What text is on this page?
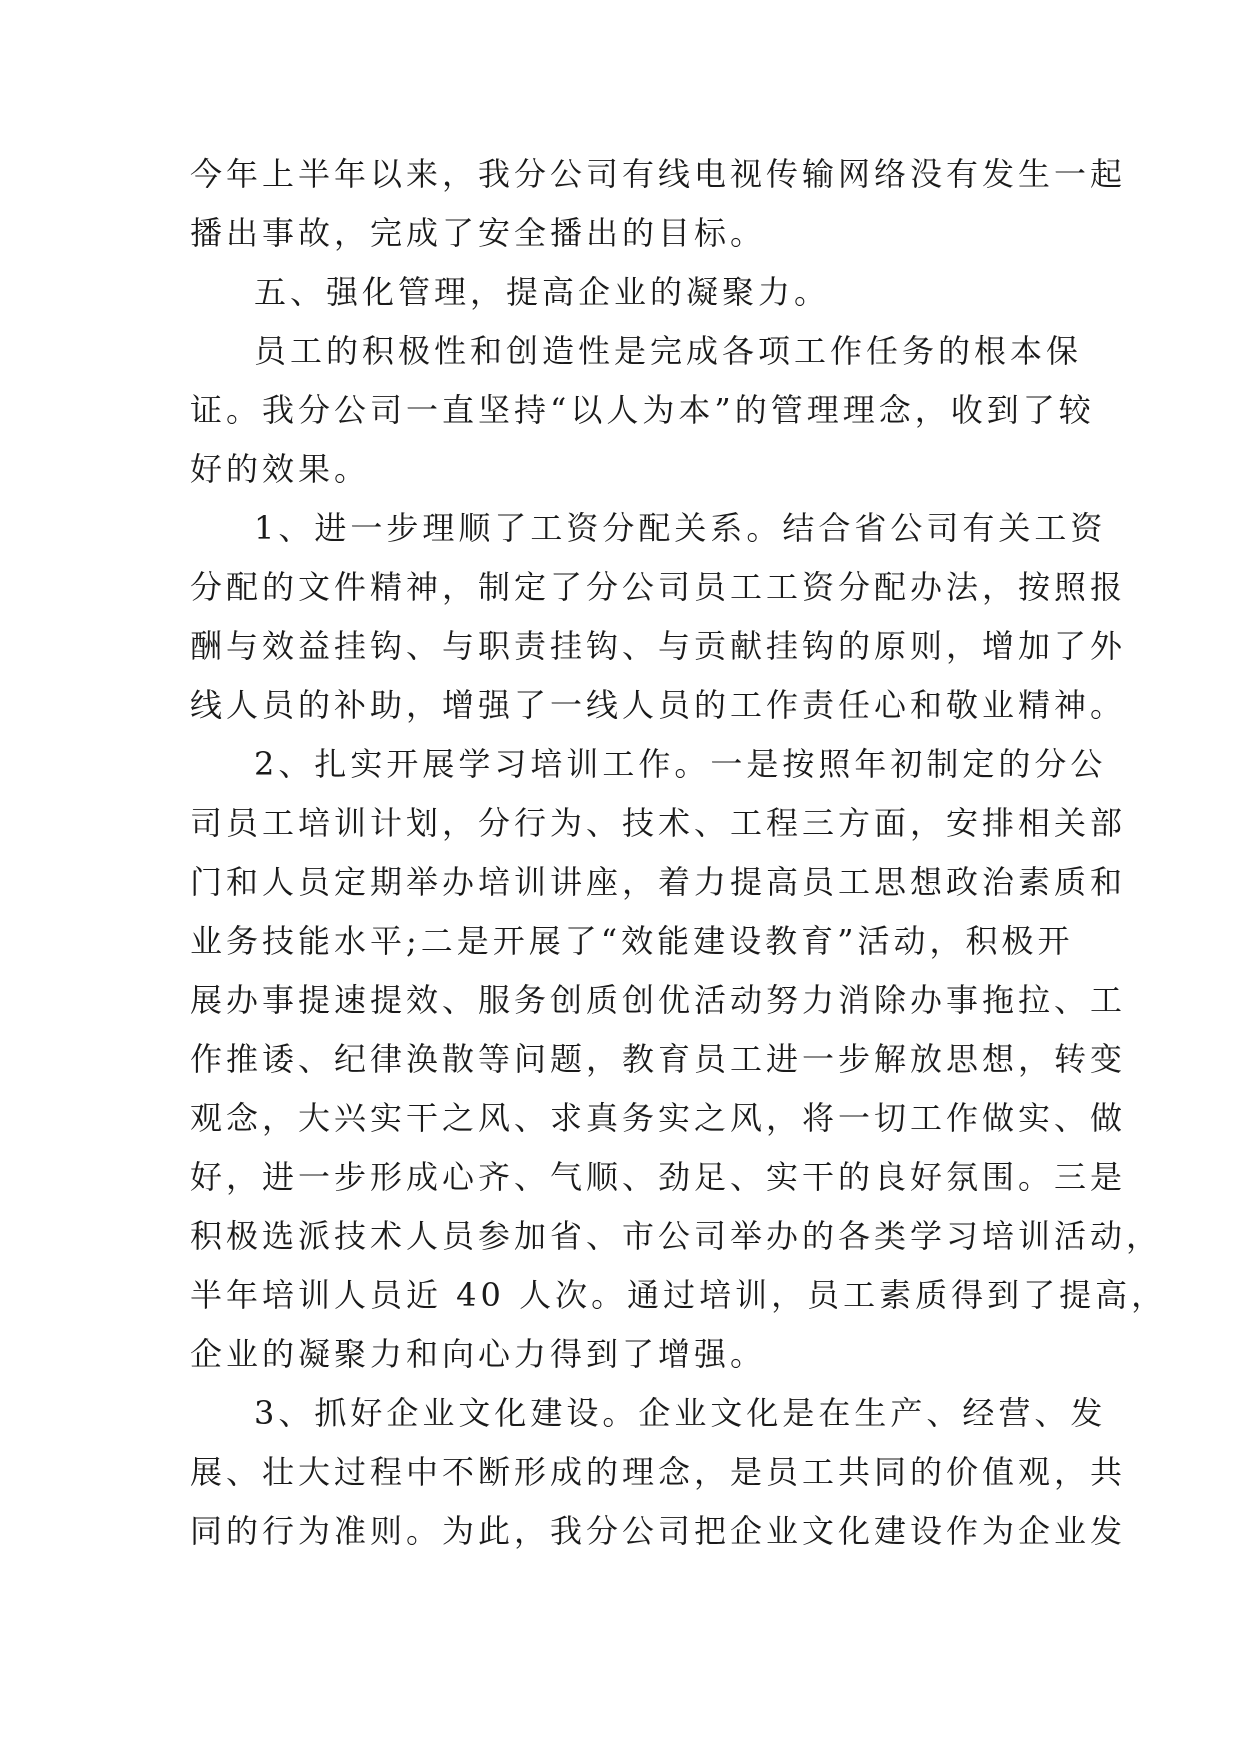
今年上半年以来，我分公司有线电视传输网络没有发生一起
播出事故，完成了安全播出的目标。
五、强化管理，提高企业的凝聚力。
员工的积极性和创造性是完成各项工作任务的根本保
证。我分公司一直坚持“以人为本”的管理理念，收到了较
好的效果。
1、进一步理顺了工资分配关系。结合省公司有关工资
分配的文件精神，制定了分公司员工工资分配办法，按照报
酬与效益挂钩、与职责挂钩、与贡献挂钩的原则，增加了外
线人员的补助，增强了一线人员的工作责任心和敬业精神。
2、扎实开展学习培训工作。一是按照年初制定的分公
司员工培训计划，分行为、技术、工程三方面，安排相关部
门和人员定期举办培训讲座，着力提高员工思想政治素质和
业务技能水平;二是开展了“效能建设教育”活动，积极开
展办事提速提效、服务创质创优活动努力消除办事拖拉、工
作推诿、纪律涣散等问题，教育员工进一步解放思想，转变
观念，大兴实干之风、求真务实之风，将一切工作做实、做
好，进一步形成心齐、气顺、劲足、实干的良好氛围。三是
积极选派技术人员参加省、市公司举办的各类学习培训活动，
半年培训人员近 40 人次。通过培训，员工素质得到了提高，
企业的凝聚力和向心力得到了增强。
3、抓好企业文化建设。企业文化是在生产、经营、发
展、壮大过程中不断形成的理念，是员工共同的价值观，共
同的行为准则。为此，我分公司把企业文化建设作为企业发
